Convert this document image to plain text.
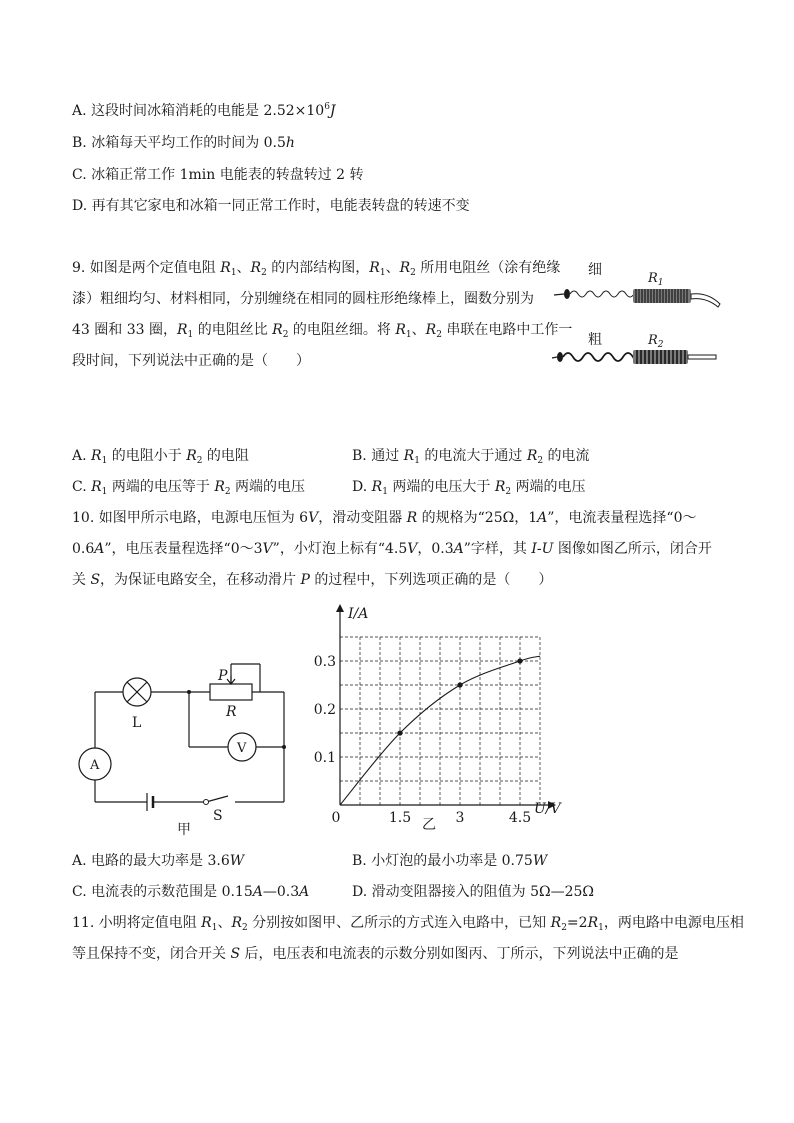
A. 这段时间冰箱消耗的电能是 $2.52\times 10^6J$
B. 冰箱每天平均工作的时间为 0.5h
C. 冰箱正常工作 1min 电能表的转盘转过 2 转
D. 再有其它家电和冰箱一同正常工作时，电能表转盘的转速不变
9. 如图是两个定值电阻 $R_1$、$R_2$ 的内部结构图，$R_1$、$R_2$ 所用电阻丝（涂有绝缘
漆）粗细均匀、材料相同，分别缠绕在相同的圆柱形绝缘棒上，圈数分别为
43 圈和 33 圈，$R_1$ 的电阻丝比 $R_2$ 的电阻丝细。将 $R_1$、$R_2$ 串联在电路中工作一
段时间，下列说法中正确的是（　　）
细
$R_1$
粗	$R_2$
A. $R_1$ 的电阻小于 $R_2$ 的电阻	B. 通过 $R_1$ 的电流大于通过 $R_2$ 的电流
C. $R_1$ 两端的电压等于 $R_2$ 两端的电压	D. $R_1$ 两端的电压大于 $R_2$ 两端的电压
10. 如图甲所示电路，电源电压恒为 6V，滑动变阻器 R 的规格为“25Ω，1A”，电流表量程选择“0～
0.6A”，电压表量程选择“0～3V”，小灯泡上标有“4.5V，0.3A”字样，其 I-U 图像如图乙所示，闭合开
关 S，为保证电路安全，在移动滑片 P 的过程中，下列选项正确的是（　　）
L
P
R
V
A
S
甲
0	1.5	3	4.5
0.1
0.2
0.3
I/A
U/V
乙
A. 电路的最大功率是 3.6W	B. 小灯泡的最小功率是 0.75W
C. 电流表的示数范围是 0.15A—0.3A	D. 滑动变阻器接入的阻值为 5Ω—25Ω
11. 小明将定值电阻 $R_1$、$R_2$ 分别按如图甲、乙所示的方式连入电路中，已知 $R_2=2R_1$，两电路中电源电压相
等且保持不变，闭合开关 S 后，电压表和电流表的示数分别如图丙、丁所示，下列说法中正确的是
